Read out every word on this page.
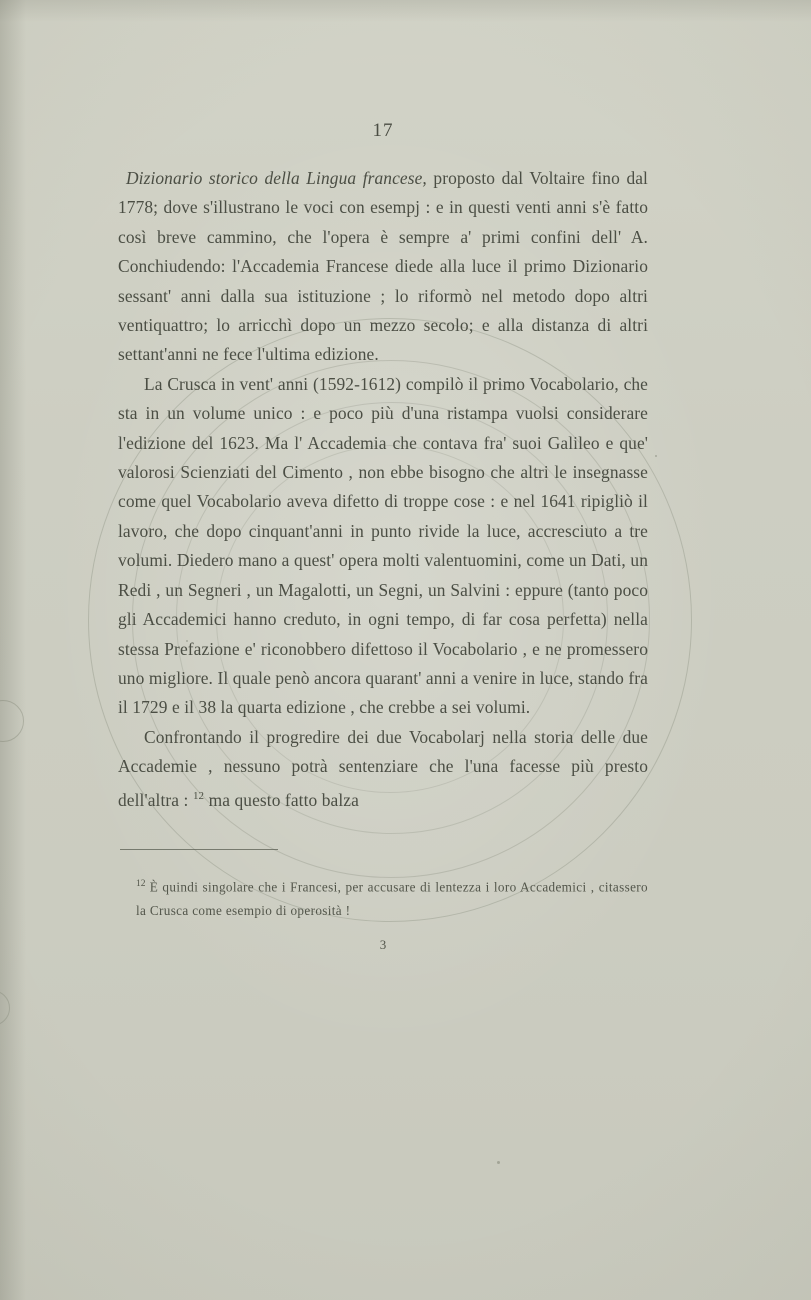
17

Dizionario storico della Lingua francese, proposto dal Voltaire fino dal 1778; dove s'illustrano le voci con esempj : e in questi venti anni s'è fatto così breve cammino, che l'opera è sempre a' primi confini dell' A. Conchiudendo: l'Accademia Francese diede alla luce il primo Dizionario sessant' anni dalla sua istituzione ; lo riformò nel metodo dopo altri ventiquattro; lo arricchì dopo un mezzo secolo; e alla distanza di altri settant'anni ne fece l'ultima edizione.

La Crusca in vent' anni (1592-1612) compilò il primo Vocabolario, che sta in un volume unico : e poco più d'una ristampa vuolsi considerare l'edizione del 1623. Ma l' Accademia che contava fra' suoi Galileo e que' valorosi Scienziati del Cimento , non ebbe bisogno che altri le insegnasse come quel Vocabolario aveva difetto di troppe cose : e nel 1641 ripigliò il lavoro, che dopo cinquant'anni in punto rivide la luce, accresciuto a tre volumi. Diedero mano a quest' opera molti valentuomini, come un Dati, un Redi , un Segneri , un Magalotti, un Segni, un Salvini : eppure (tanto poco gli Accademici hanno creduto, in ogni tempo, di far cosa perfetta) nella stessa Prefazione e' riconobbero difettoso il Vocabolario , e ne promessero uno migliore. Il quale penò ancora quarant' anni a venire in luce, stando fra il 1729 e il 38 la quarta edizione , che crebbe a sei volumi.

Confrontando il progredire dei due Vocabolarj nella storia delle due Accademie , nessuno potrà sentenziare che l'una facesse più presto dell'altra : $^{12}$ ma questo fatto balza

$^{12}$ È quindi singolare che i Francesi, per accusare di lentezza i loro Accademici , citassero la Crusca come esempio di operosità !
3
